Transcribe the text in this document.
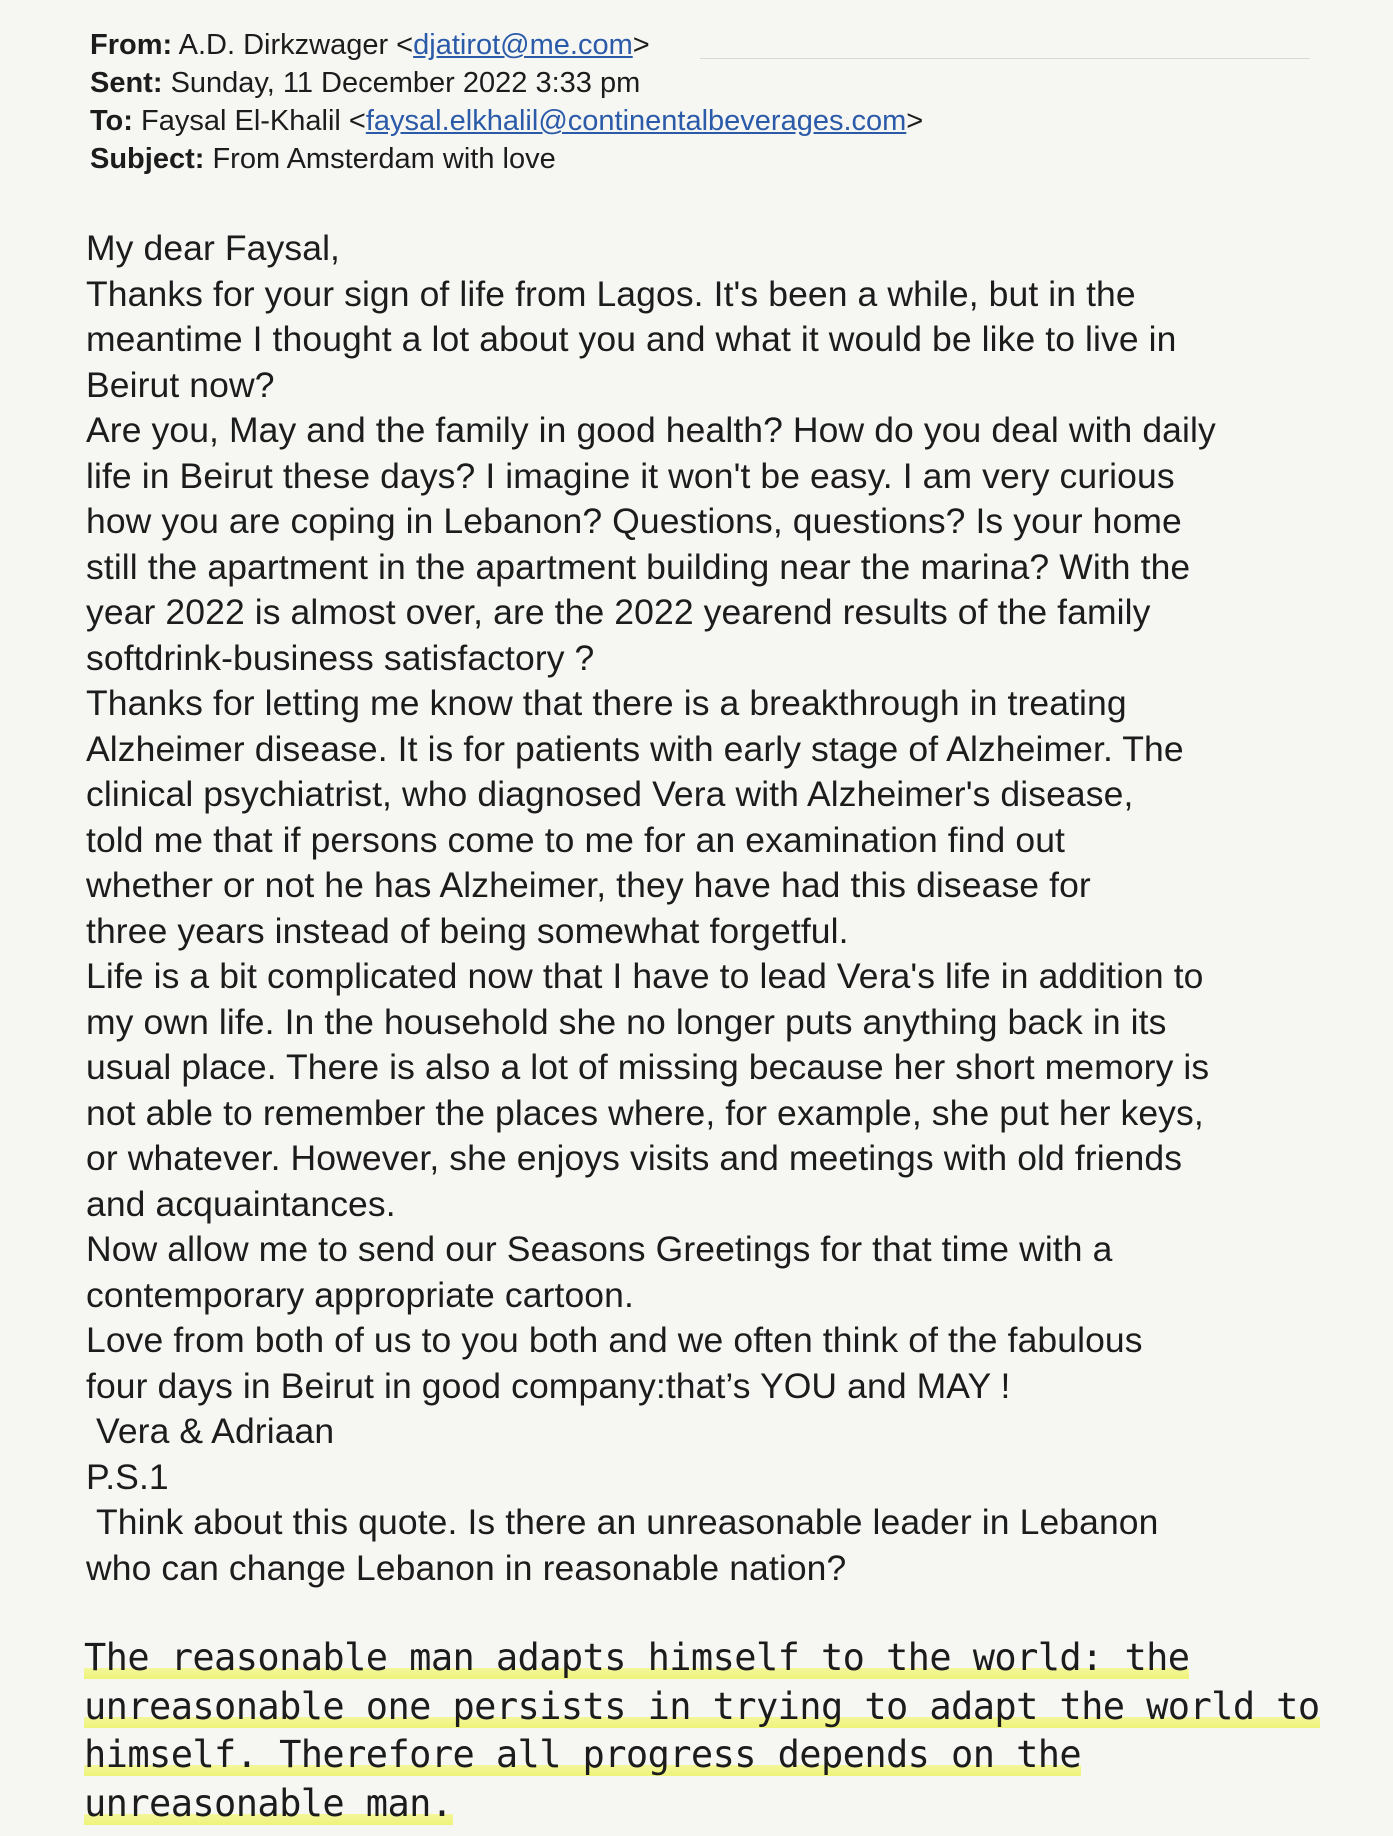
From: A.D. Dirkzwager <djatirot@me.com>
Sent: Sunday, 11 December 2022 3:33 pm
To: Faysal El-Khalil <faysal.elkhalil@continentalbeverages.com>
Subject: From Amsterdam with love
My dear Faysal,
Thanks for your sign of life from Lagos. It's been a while, but in the
meantime I thought a lot about you and what it would be like to live in
Beirut now?
Are you, May and the family in good health? How do you deal with daily
life in Beirut these days? I imagine it won't be easy. I am very curious
how you are coping in Lebanon? Questions, questions? Is your home
still the apartment in the apartment building near the marina? With the
year 2022 is almost over, are the 2022 yearend results of the family
softdrink-business satisfactory ?
Thanks for letting me know that there is a breakthrough in treating
Alzheimer disease. It is for patients with early stage of Alzheimer. The
clinical psychiatrist, who diagnosed Vera with Alzheimer's disease,
told me that if persons come to me for an examination find out
whether or not he has Alzheimer, they have had this disease for
three years instead of being somewhat forgetful.
Life is a bit complicated now that I have to lead Vera's life in addition to
my own life. In the household she no longer puts anything back in its
usual place. There is also a lot of missing because her short memory is
not able to remember the places where, for example, she put her keys,
or whatever. However, she enjoys visits and meetings with old friends
and acquaintances.
Now allow me to send our Seasons Greetings for that time with a
contemporary appropriate cartoon.
Love from both of us to you both and we often think of the fabulous
four days in Beirut in good company:that’s YOU and MAY !
Vera & Adriaan
P.S.1
Think about this quote. Is there an unreasonable leader in Lebanon
who can change Lebanon in reasonable nation?
The reasonable man adapts himself to the world: the
unreasonable one persists in trying to adapt the world to
himself. Therefore all progress depends on the
unreasonable man.
